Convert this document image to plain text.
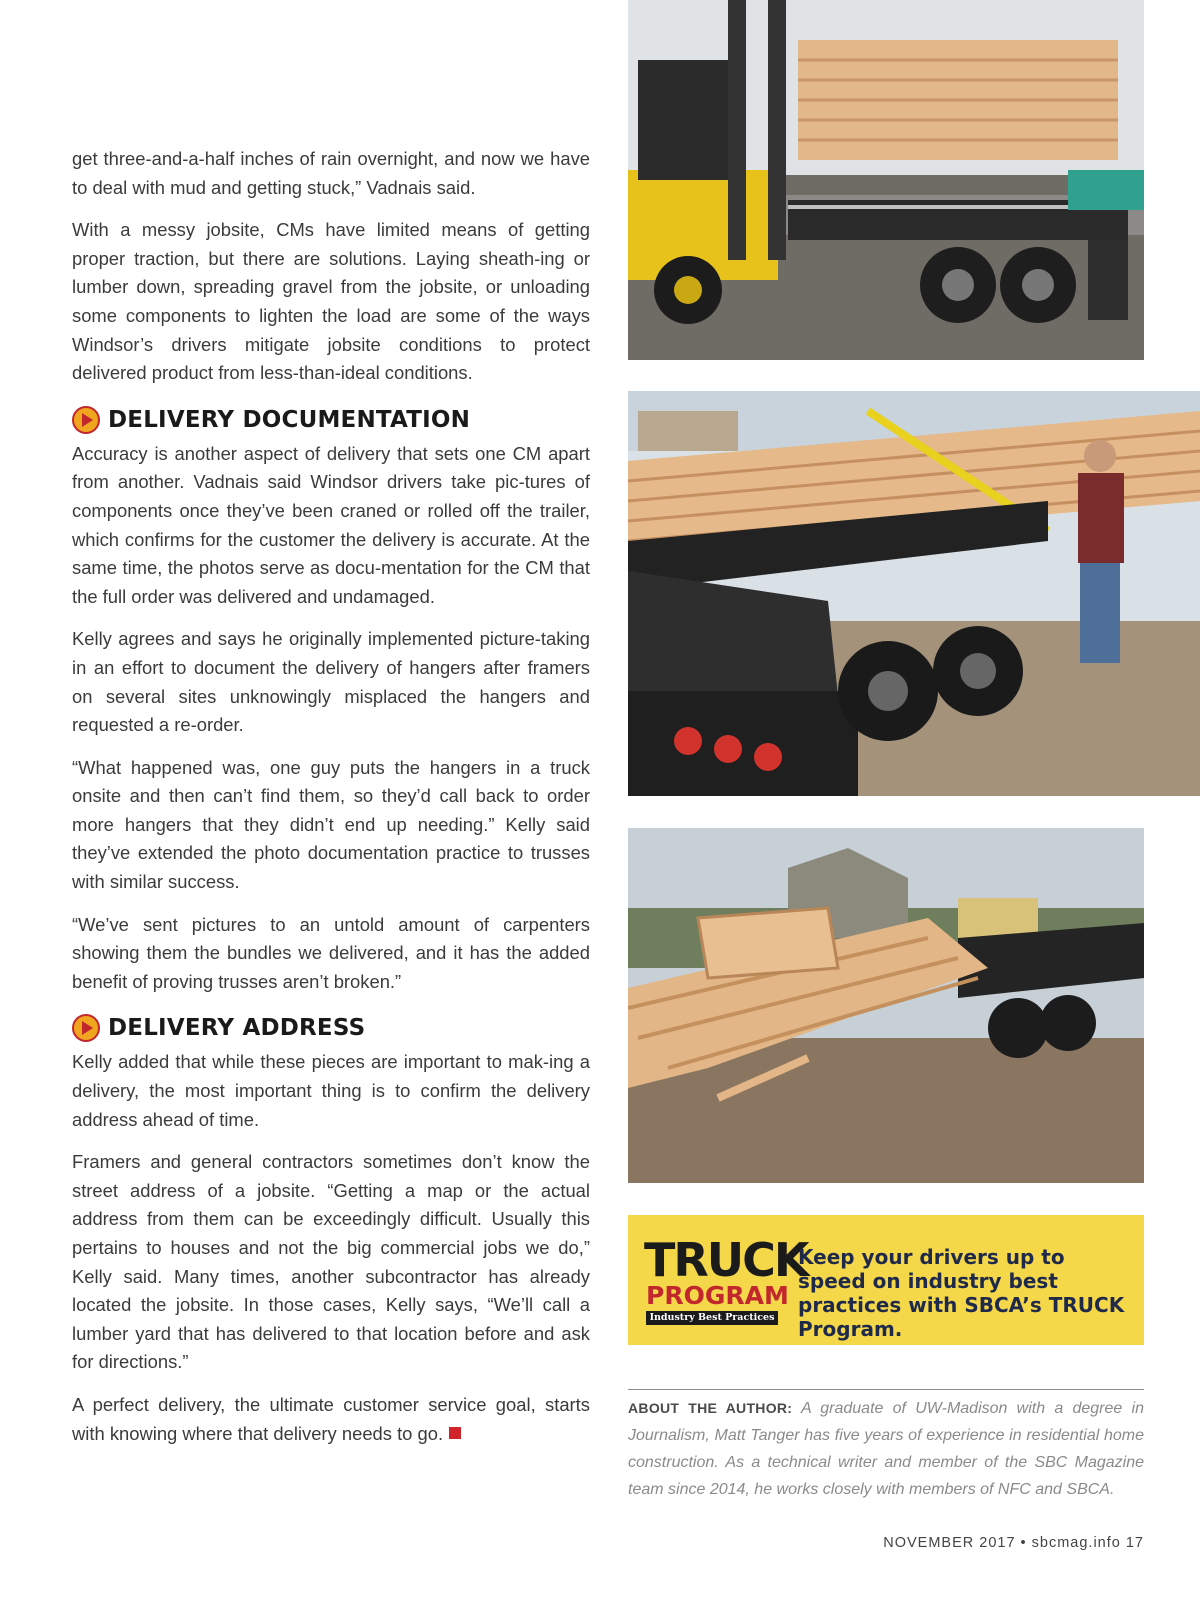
get three-and-a-half inches of rain overnight, and now we have to deal with mud and getting stuck,” Vadnais said.

With a messy jobsite, CMs have limited means of getting proper traction, but there are solutions. Laying sheath-ing or lumber down, spreading gravel from the jobsite, or unloading some components to lighten the load are some of the ways Windsor’s drivers mitigate jobsite conditions to protect delivered product from less-than-ideal conditions.

DELIVERY DOCUMENTATION

Accuracy is another aspect of delivery that sets one CM apart from another. Vadnais said Windsor drivers take pic-tures of components once they’ve been craned or rolled off the trailer, which confirms for the customer the delivery is accurate. At the same time, the photos serve as docu-mentation for the CM that the full order was delivered and undamaged.

Kelly agrees and says he originally implemented picture-taking in an effort to document the delivery of hangers after framers on several sites unknowingly misplaced the hangers and requested a re-order.

“What happened was, one guy puts the hangers in a truck onsite and then can’t find them, so they’d call back to order more hangers that they didn’t end up needing.” Kelly said they’ve extended the photo documentation practice to trusses with similar success.

“We’ve sent pictures to an untold amount of carpenters showing them the bundles we delivered, and it has the added benefit of proving trusses aren’t broken.”

DELIVERY ADDRESS

Kelly added that while these pieces are important to mak-ing a delivery, the most important thing is to confirm the delivery address ahead of time.

Framers and general contractors sometimes don’t know the street address of a jobsite. “Getting a map or the actual address from them can be exceedingly difficult. Usually this pertains to houses and not the big commercial jobs we do,” Kelly said. Many times, another subcontractor has already located the jobsite. In those cases, Kelly says, “We’ll call a lumber yard that has delivered to that location before and ask for directions.”

A perfect delivery, the ultimate customer service goal, starts with knowing where that delivery needs to go.

TRUCK
PROGRAM
Industry Best Practices
Keep your drivers up to speed on industry best practices with SBCA’s TRUCK Program.
ABOUT THE AUTHOR: A graduate of UW-Madison with a degree in Journalism, Matt Tanger has five years of experience in residential home construction. As a technical writer and member of the SBC Magazine team since 2014, he works closely with members of NFC and SBCA.
NOVEMBER 2017 • sbcmag.info 17
